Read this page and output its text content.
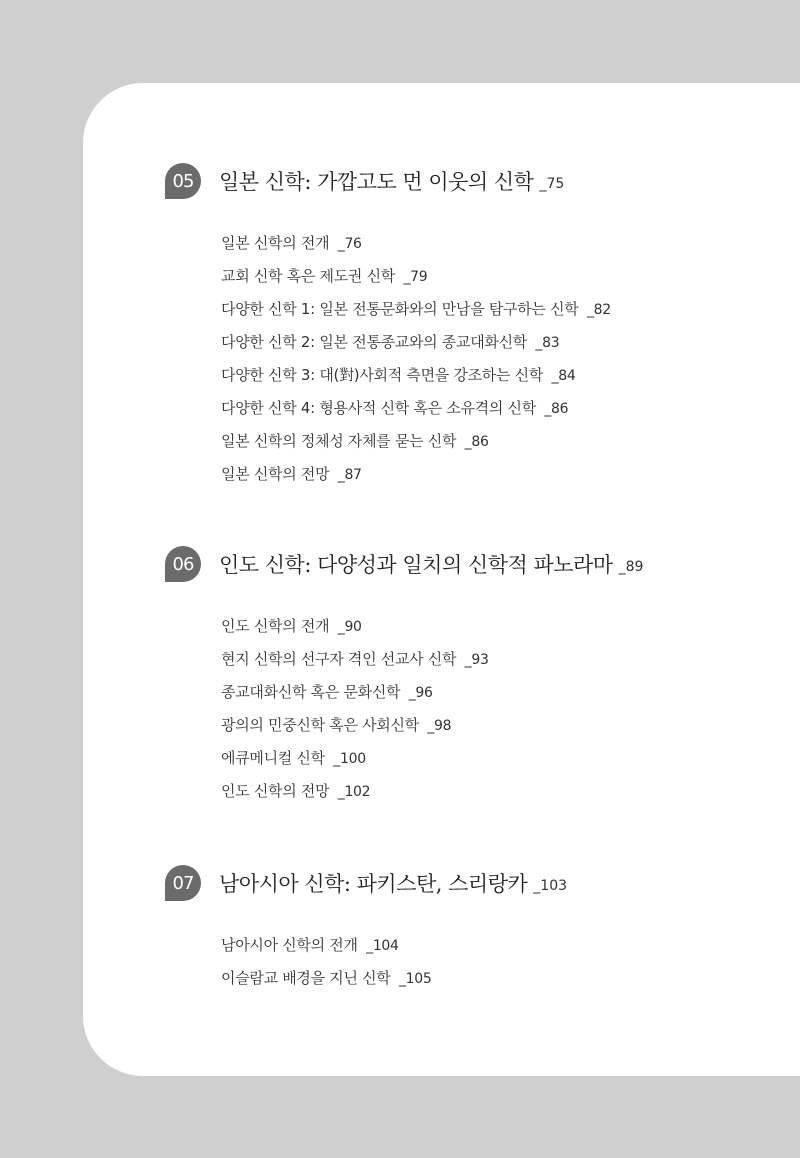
05	일본 신학: 가깝고도 먼 이웃의 신학 _75
일본 신학의 전개 _76
교회 신학 혹은 제도권 신학 _79
다양한 신학 1: 일본 전통문화와의 만남을 탐구하는 신학 _82
다양한 신학 2: 일본 전통종교와의 종교대화신학 _83
다양한 신학 3: 대(對)사회적 측면을 강조하는 신학 _84
다양한 신학 4: 형용사적 신학 혹은 소유격의 신학 _86
일본 신학의 정체성 자체를 묻는 신학 _86
일본 신학의 전망 _87
06	인도 신학: 다양성과 일치의 신학적 파노라마 _89
인도 신학의 전개 _90
현지 신학의 선구자 격인 선교사 신학 _93
종교대화신학 혹은 문화신학 _96
광의의 민중신학 혹은 사회신학 _98
에큐메니컬 신학 _100
인도 신학의 전망 _102
07	남아시아 신학: 파키스탄, 스리랑카 _103
남아시아 신학의 전개 _104
이슬람교 배경을 지닌 신학 _105
